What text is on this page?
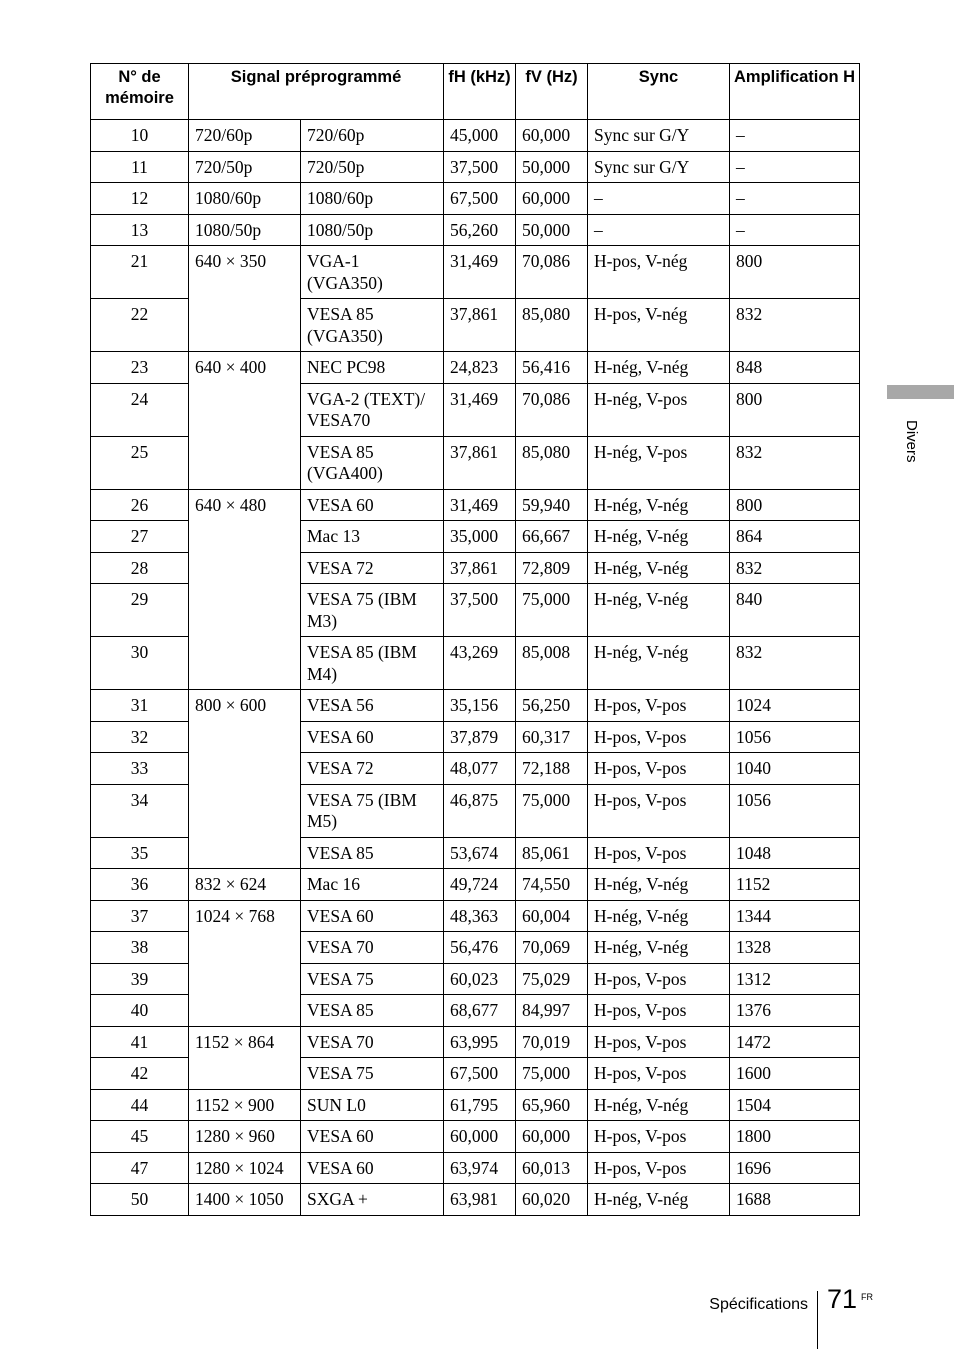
N° de mémoire	Signal préprogrammé		fH (kHz)	fV (Hz)	Sync	Amplification H
10	720/60p	720/60p	45,000	60,000	Sync sur G/Y	–
11	720/50p	720/50p	37,500	50,000	Sync sur G/Y	–
12	1080/60p	1080/60p	67,500	60,000	–	–
13	1080/50p	1080/50p	56,260	50,000	–	–
21	640 × 350	VGA-1 (VGA350)	31,469	70,086	H-pos, V-nég	800
22		VESA 85 (VGA350)	37,861	85,080	H-pos, V-nég	832
23	640 × 400	NEC PC98	24,823	56,416	H-nég, V-nég	848
24		VGA-2 (TEXT)/ VESA70	31,469	70,086	H-nég, V-pos	800
25		VESA 85 (VGA400)	37,861	85,080	H-nég, V-pos	832
26	640 × 480	VESA 60	31,469	59,940	H-nég, V-nég	800
27		Mac 13	35,000	66,667	H-nég, V-nég	864
28		VESA 72	37,861	72,809	H-nég, V-nég	832
29		VESA 75 (IBM M3)	37,500	75,000	H-nég, V-nég	840
30		VESA 85 (IBM M4)	43,269	85,008	H-nég, V-nég	832
31	800 × 600	VESA 56	35,156	56,250	H-pos, V-pos	1024
32		VESA 60	37,879	60,317	H-pos, V-pos	1056
33		VESA 72	48,077	72,188	H-pos, V-pos	1040
34		VESA 75 (IBM M5)	46,875	75,000	H-pos, V-pos	1056
35		VESA 85	53,674	85,061	H-pos, V-pos	1048
36	832 × 624	Mac 16	49,724	74,550	H-nég, V-nég	1152
37	1024 × 768	VESA 60	48,363	60,004	H-nég, V-nég	1344
38		VESA 70	56,476	70,069	H-nég, V-nég	1328
39		VESA 75	60,023	75,029	H-pos, V-pos	1312
40		VESA 85	68,677	84,997	H-pos, V-pos	1376
41	1152 × 864	VESA 70	63,995	70,019	H-pos, V-pos	1472
42		VESA 75	67,500	75,000	H-pos, V-pos	1600
44	1152 × 900	SUN L0	61,795	65,960	H-nég, V-nég	1504
45	1280 × 960	VESA 60	60,000	60,000	H-pos, V-pos	1800
47	1280 × 1024	VESA 60	63,974	60,013	H-pos, V-pos	1696
50	1400 × 1050	SXGA +	63,981	60,020	H-nég, V-nég	1688
Divers
Spécifications 71 FR
